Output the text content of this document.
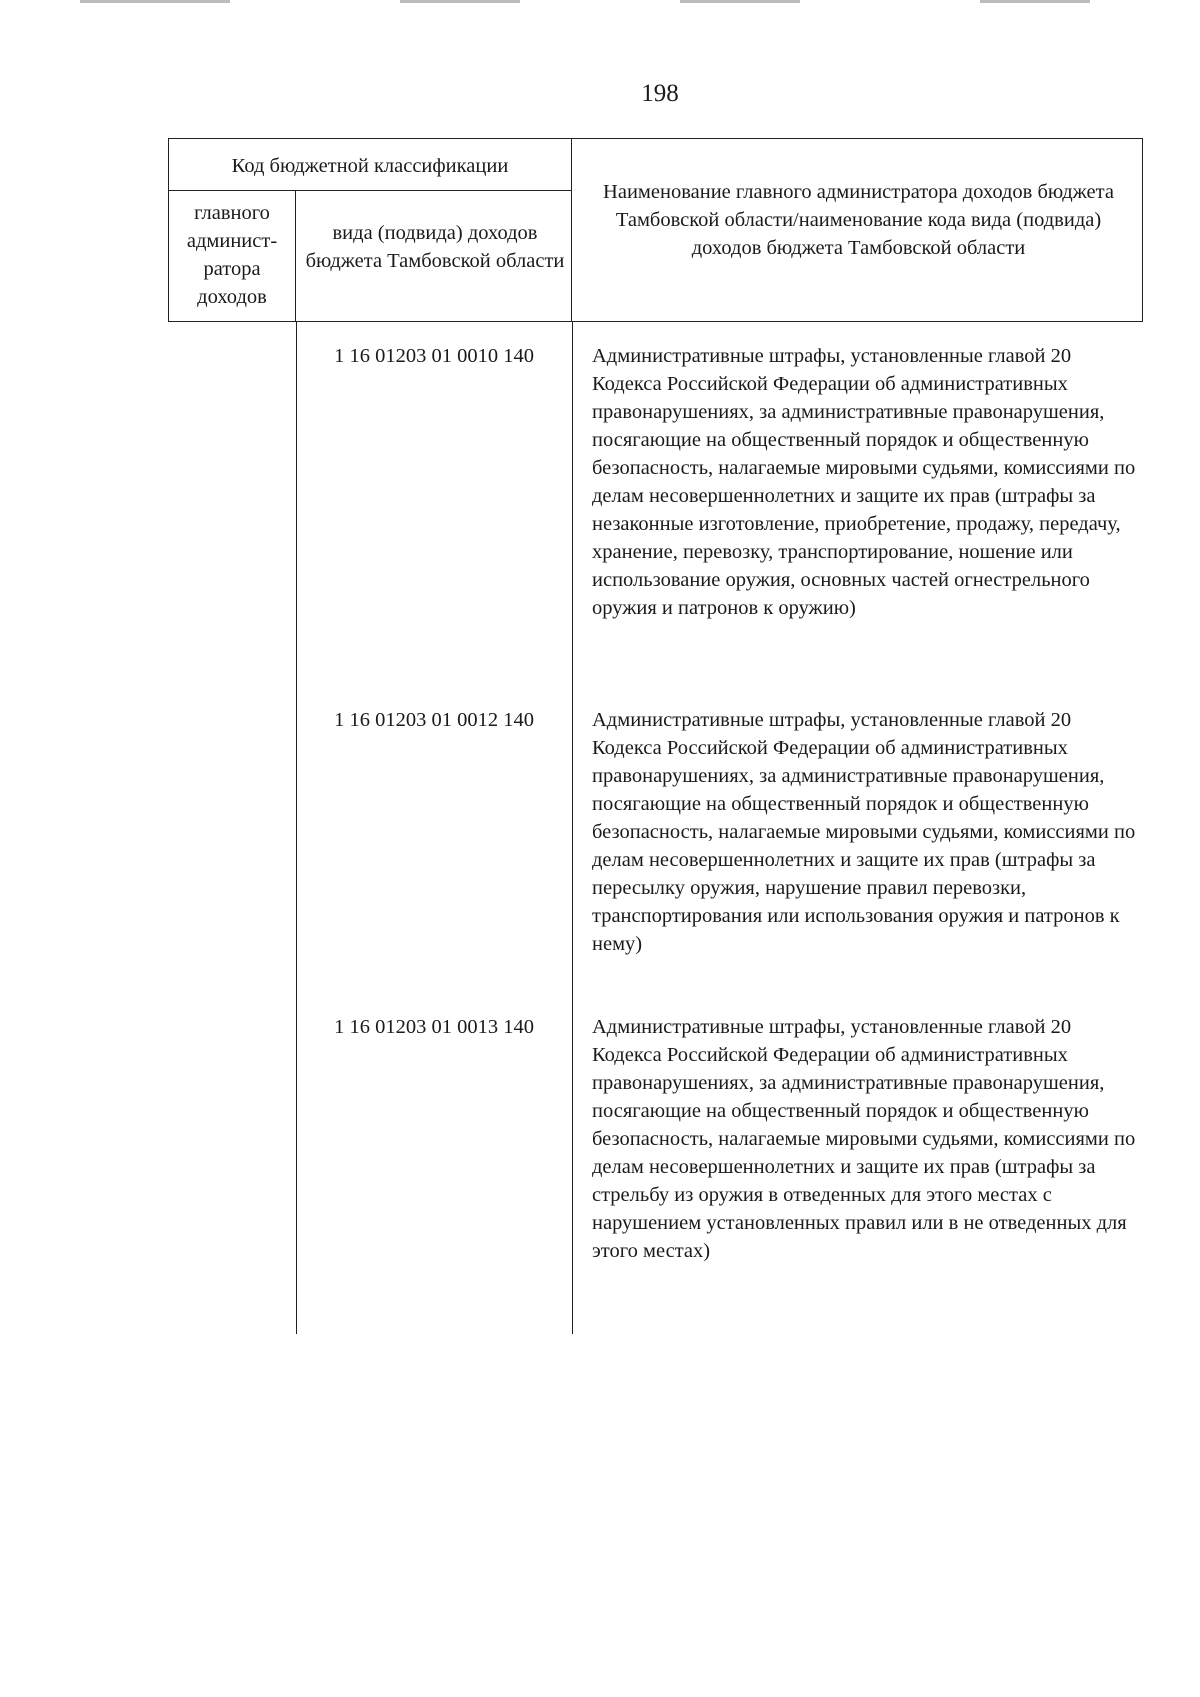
198
Код бюджетной классификации
главного
админист-
ратора
доходов
вида (подвида) доходов бюджета Тамбовской области
Наименование главного администратора доходов бюджета Тамбовской области/наименование кода вида (подвида) доходов бюджета Тамбовской области
1 16 01203 01 0010 140	Административные штрафы, установленные главой 20 Кодекса Российской Федерации об административных правонарушениях, за административные правонарушения, посягающие на общественный порядок и общественную безопасность, налагаемые мировыми судьями, комиссиями по делам несовершеннолетних и защите их прав (штрафы за незаконные изготовление, приобретение, продажу, передачу, хранение, перевозку, транспортирование, ношение или использование оружия, основных частей огнестрельного оружия и патронов к оружию)
1 16 01203 01 0012 140	Административные штрафы, установленные главой 20 Кодекса Российской Федерации об административных правонарушениях, за административные правонарушения, посягающие на общественный порядок и общественную безопасность, налагаемые мировыми судьями, комиссиями по делам несовершеннолетних и защите их прав (штрафы за пересылку оружия, нарушение правил перевозки, транспортирования или использования оружия и патронов к нему)
1 16 01203 01 0013 140	Административные штрафы, установленные главой 20 Кодекса Российской Федерации об административных правонарушениях, за административные правонарушения, посягающие на общественный порядок и общественную безопасность, налагаемые мировыми судьями, комиссиями по делам несовершеннолетних и защите их прав (штрафы за стрельбу из оружия в отведенных для этого местах с нарушением установленных правил или в не отведенных для этого местах)
